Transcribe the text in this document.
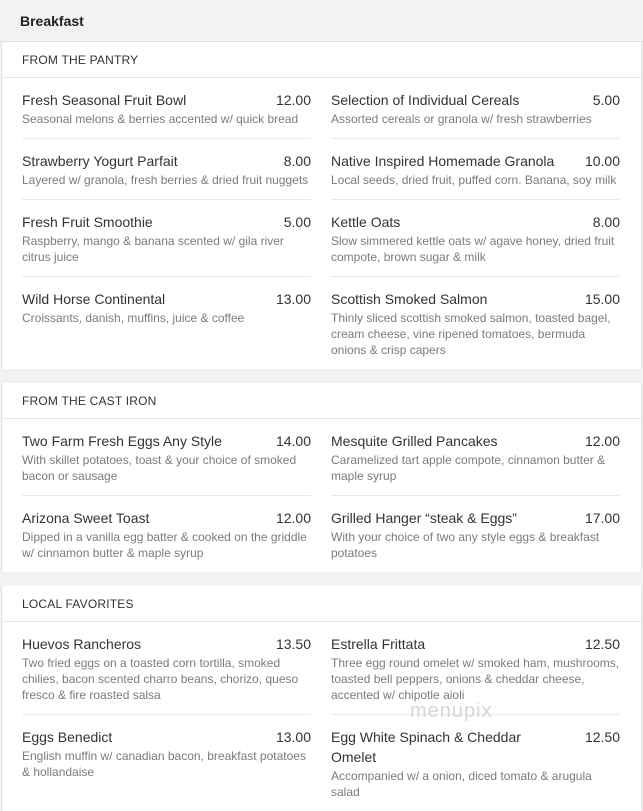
Breakfast
FROM THE PANTRY
Fresh Seasonal Fruit Bowl	12.00
Seasonal melons & berries accented w/ quick bread
Strawberry Yogurt Parfait	8.00
Layered w/ granola, fresh berries & dried fruit nuggets
Fresh Fruit Smoothie	5.00
Raspberry, mango & banana scented w/ gila river citrus juice
Wild Horse Continental	13.00
Croissants, danish, muffins, juice & coffee
Selection of Individual Cereals	5.00
Assorted cereals or granola w/ fresh strawberries
Native Inspired Homemade Granola 10.00
Local seeds, dried fruit, puffed corn. Banana, soy milk
Kettle Oats	8.00
Slow simmered kettle oats w/ agave honey, dried fruit compote, brown sugar & milk
Scottish Smoked Salmon	15.00
Thinly sliced scottish smoked salmon, toasted bagel, cream cheese, vine ripened tomatoes, bermuda onions & crisp capers
FROM THE CAST IRON
Two Farm Fresh Eggs Any Style	14.00
With skillet potatoes, toast & your choice of smoked bacon or sausage
Arizona Sweet Toast	12.00
Dipped in a vanilla egg batter & cooked on the griddle w/ cinnamon butter & maple syrup
Mesquite Grilled Pancakes	12.00
Caramelized tart apple compote, cinnamon butter & maple syrup
Grilled Hanger “steak & Eggs”	17.00
With your choice of two any style eggs & breakfast potatoes
LOCAL FAVORITES
Huevos Rancheros	13.50
Two fried eggs on a toasted corn tortilla, smoked chilies, bacon scented charro beans, chorizo, queso fresco & fire roasted salsa
Eggs Benedict	13.00
English muffin w/ canadian bacon, breakfast potatoes & hollandaise
Estrella Frittata	12.50
Three egg round omelet w/ smoked ham, mushrooms, toasted bell peppers, onions & cheddar cheese, accented w/ chipotle aioli
Egg White Spinach & Cheddar Omelet
12.50
Accompanied w/ a onion, diced tomato & arugula salad
menupix
